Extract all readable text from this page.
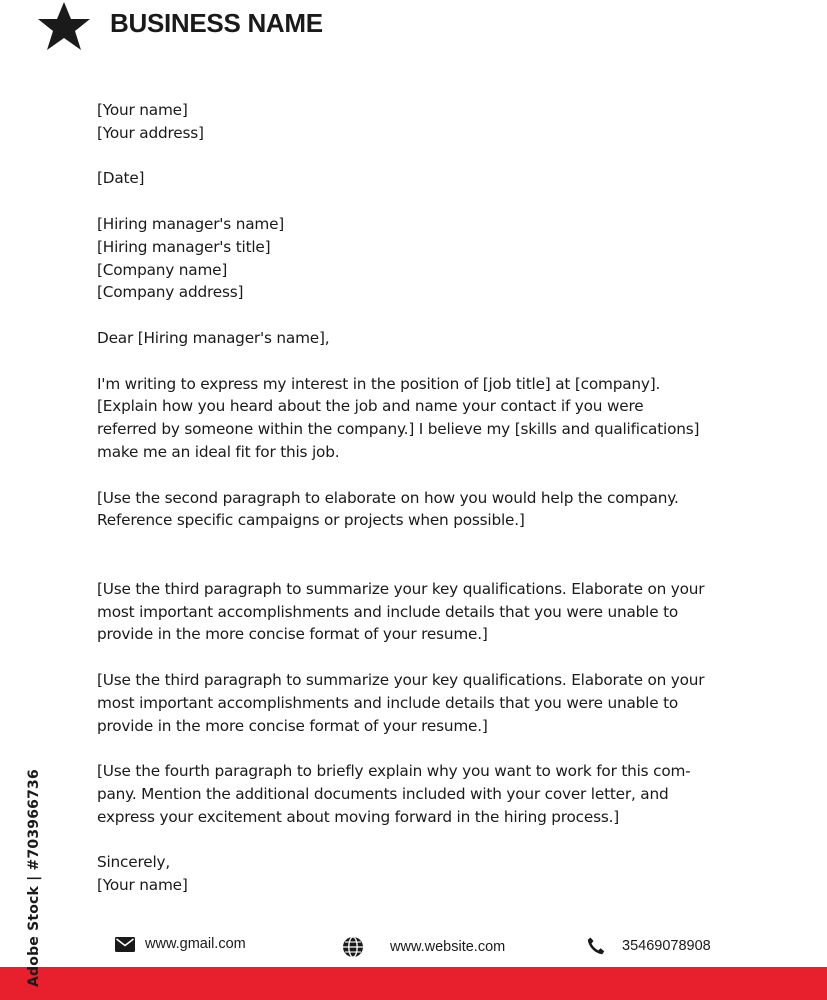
BUSINESS NAME
[Your name]
[Your address]
[Date]
[Hiring manager's name]
[Hiring manager's title]
[Company name]
[Company address]
Dear [Hiring manager's name],
I'm writing to express my interest in the position of [job title] at [company].
[Explain how you heard about the job and name your contact if you were
referred by someone within the company.] I believe my [skills and qualifications]
make me an ideal fit for this job.
[Use the second paragraph to elaborate on how you would help the company.
Reference specific campaigns or projects when possible.]
[Use the third paragraph to summarize your key qualifications. Elaborate on your
most important accomplishments and include details that you were unable to
provide in the more concise format of your resume.]
[Use the third paragraph to summarize your key qualifications. Elaborate on your
most important accomplishments and include details that you were unable to
provide in the more concise format of your resume.]
[Use the fourth paragraph to briefly explain why you want to work for this com-
pany. Mention the additional documents included with your cover letter, and
express your excitement about moving forward in the hiring process.]
Sincerely,
[Your name]
www.gmail.com	www.website.com	35469078908
Adobe Stock | #703966736
